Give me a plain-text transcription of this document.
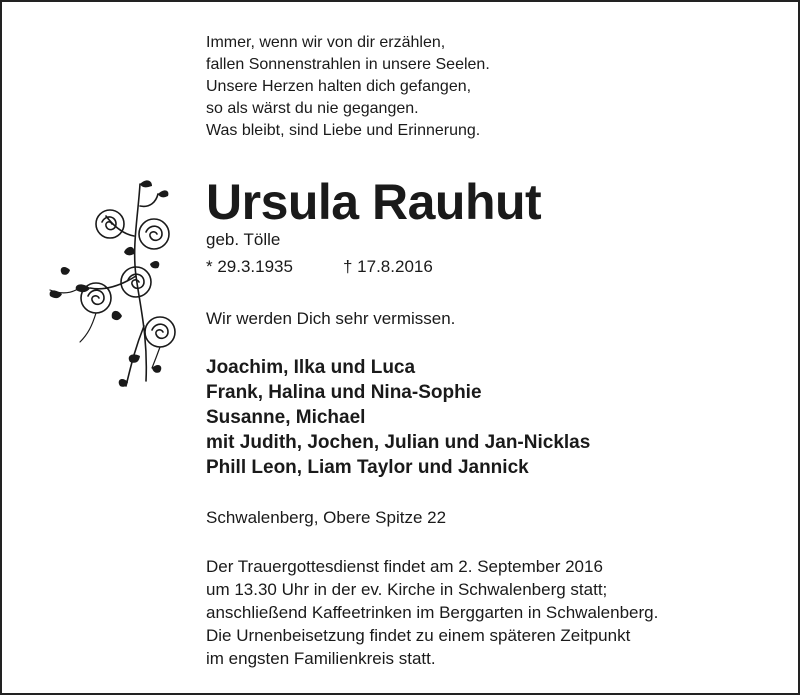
Immer, wenn wir von dir erzählen,
fallen Sonnenstrahlen in unsere Seelen.
Unsere Herzen halten dich gefangen,
so als wärst du nie gegangen.
Was bleibt, sind Liebe und Erinnerung.
Ursula Rauhut
geb. Tölle
* 29.3.1935	† 17.8.2016
Wir werden Dich sehr vermissen.
Joachim, Ilka und Luca
Frank, Halina und Nina-Sophie
Susanne, Michael
mit Judith, Jochen, Julian und Jan-Nicklas
Phill Leon, Liam Taylor und Jannick
Schwalenberg, Obere Spitze 22
Der Trauergottesdienst findet am 2. September 2016
um 13.30 Uhr in der ev. Kirche in Schwalenberg statt;
anschließend Kaffeetrinken im Berggarten in Schwalenberg.
Die Urnenbeisetzung findet zu einem späteren Zeitpunkt
im engsten Familienkreis statt.
